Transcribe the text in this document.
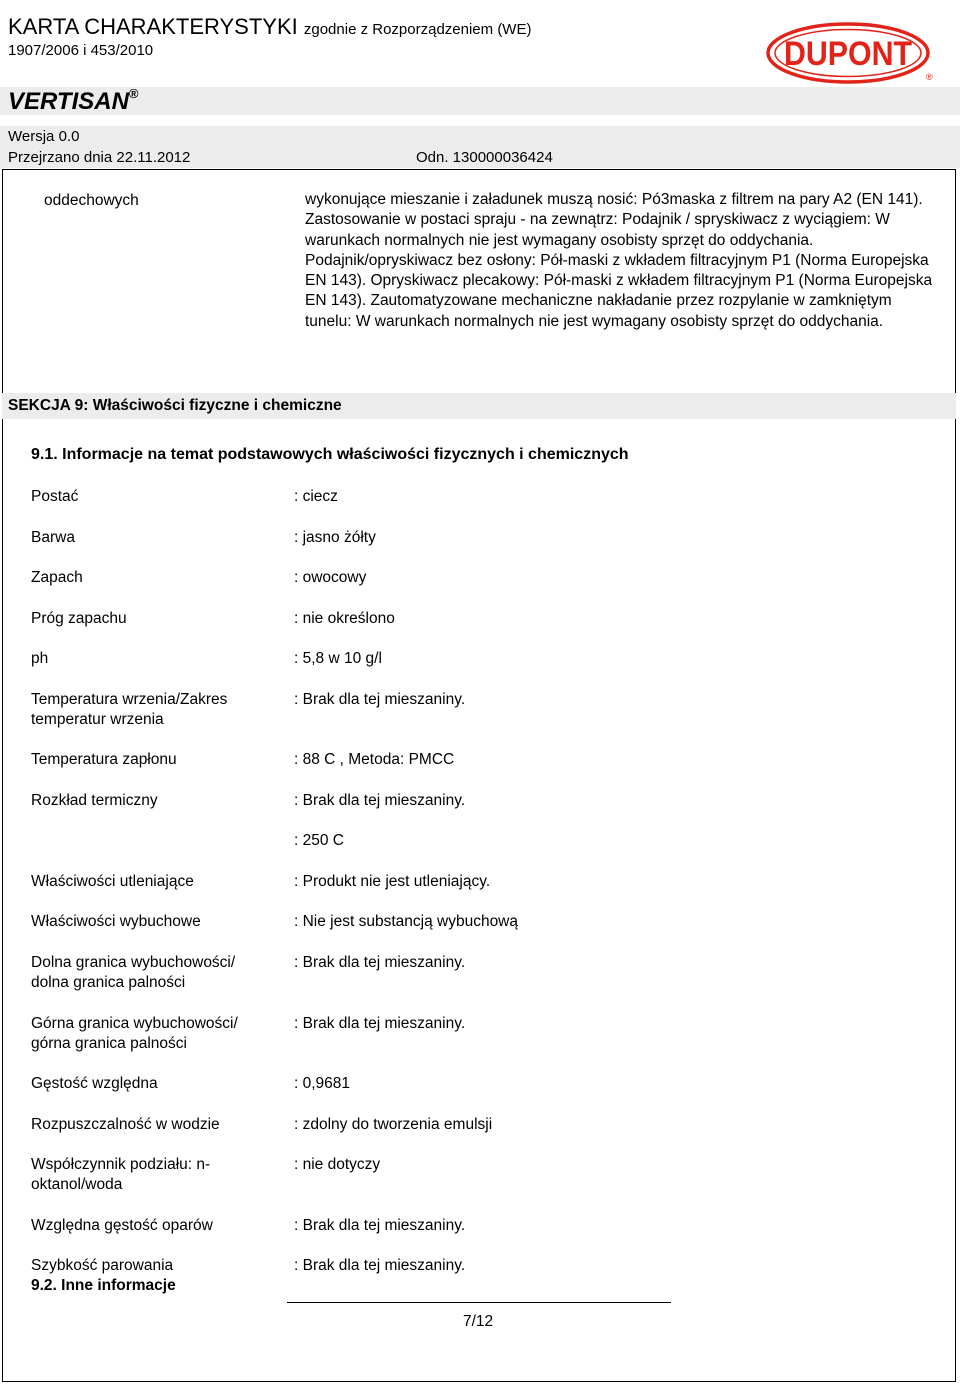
KARTA CHARAKTERYSTYKI zgodnie z Rozporządzeniem (WE)
1907/2006 i 453/2010
VERTISAN®
Wersja 0.0
Przejrzano dnia 22.11.2012	Odn. 130000036424
DUPONT
®
oddechowych	wykonujące mieszanie i załadunek muszą nosić: Pó3maska z filtrem na pary A2 (EN 141). Zastosowanie w postaci spraju - na zewnątrz: Podajnik / spryskiwacz z wyciągiem: W warunkach normalnych nie jest wymagany osobisty sprzęt do oddychania. Podajnik/opryskiwacz bez osłony: Pół-maski z wkładem filtracyjnym P1 (Norma Europejska EN 143). Opryskiwacz plecakowy: Pół-maski z wkładem filtracyjnym P1 (Norma Europejska EN 143). Zautomatyzowane mechaniczne nakładanie przez rozpylanie w zamkniętym tunelu: W warunkach normalnych nie jest wymagany osobisty sprzęt do oddychania.
SEKCJA 9: Właściwości fizyczne i chemiczne
9.1. Informacje na temat podstawowych właściwości fizycznych i chemicznych
Postać	: ciecz
Barwa	: jasno żółty
Zapach	: owocowy
Próg zapachu	: nie określono
ph	: 5,8 w 10 g/l
Temperatura wrzenia/Zakres temperatur wrzenia
: Brak dla tej mieszaniny.
Temperatura zapłonu	: 88 C , Metoda: PMCC
Rozkład termiczny	: Brak dla tej mieszaniny.
: 250 C
Właściwości utleniające	: Produkt nie jest utleniający.
Właściwości wybuchowe	: Nie jest substancją wybuchową
Dolna granica wybuchowości/ dolna granica palności
: Brak dla tej mieszaniny.
Górna granica wybuchowości/ górna granica palności
: Brak dla tej mieszaniny.
Gęstość względna	: 0,9681
Rozpuszczalność w wodzie	: zdolny do tworzenia emulsji
Współczynnik podziału: n-oktanol/woda
: nie dotyczy
Względna gęstość oparów	: Brak dla tej mieszaniny.
Szybkość parowania	: Brak dla tej mieszaniny.
9.2. Inne informacje
7/12
